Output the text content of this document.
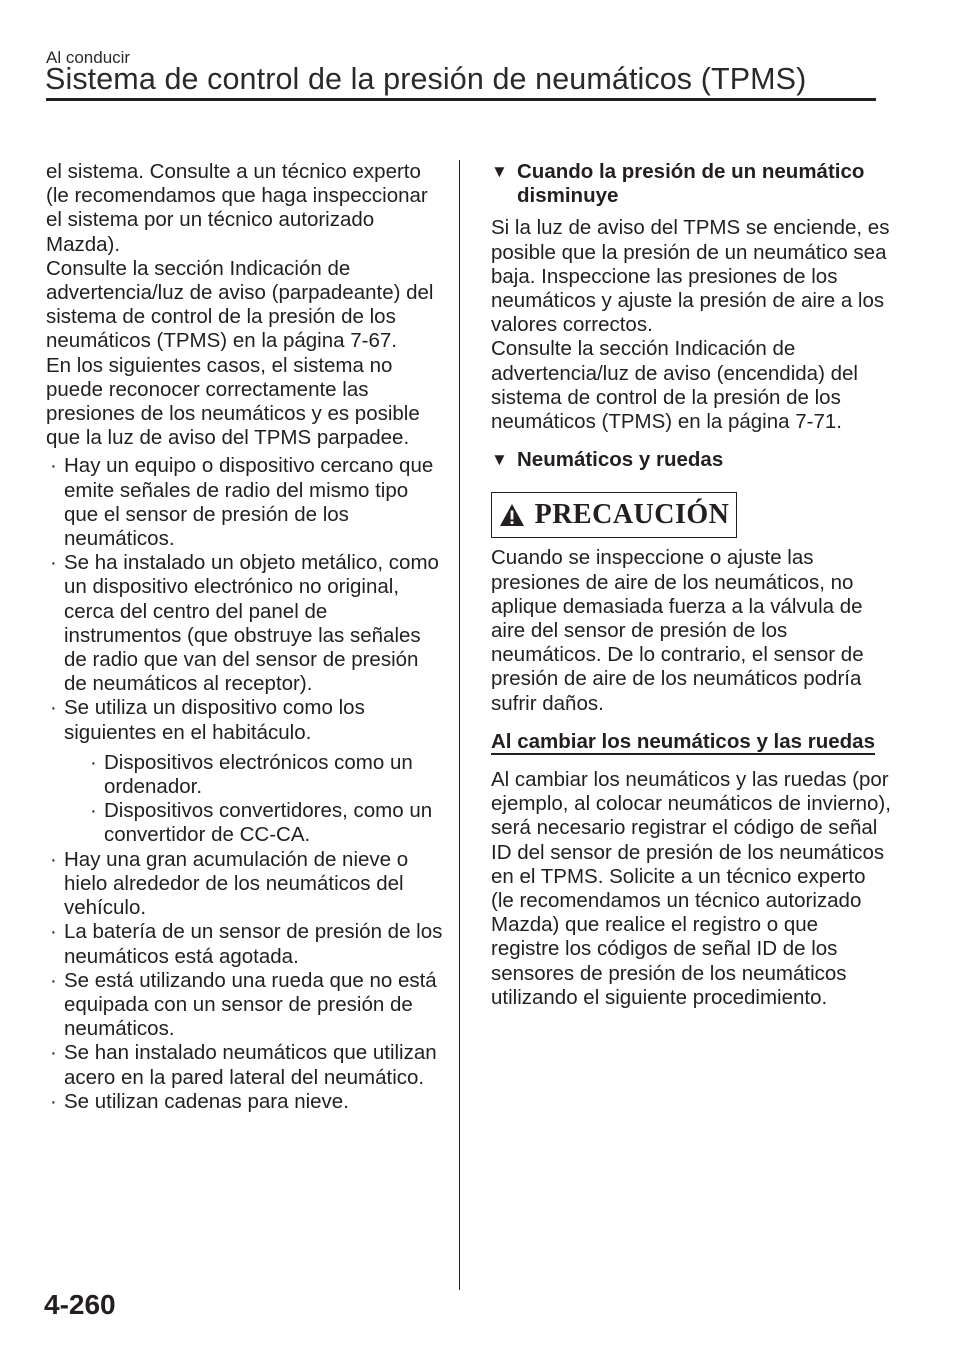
Al conducir
Sistema de control de la presión de neumáticos (TPMS)

el sistema. Consulte a un técnico experto (le recomendamos que haga inspeccionar el sistema por un técnico autorizado Mazda).

Consulte la sección Indicación de advertencia/luz de aviso (parpadeante) del sistema de control de la presión de los neumáticos (TPMS) en la página 7-67.

En los siguientes casos, el sistema no puede reconocer correctamente las presiones de los neumáticos y es posible que la luz de aviso del TPMS parpadee.

· Hay un equipo o dispositivo cercano que emite señales de radio del mismo tipo que el sensor de presión de los neumáticos.
· Se ha instalado un objeto metálico, como un dispositivo electrónico no original, cerca del centro del panel de instrumentos (que obstruye las señales de radio que van del sensor de presión de neumáticos al receptor).
· Se utiliza un dispositivo como los siguientes en el habitáculo.
· Dispositivos electrónicos como un ordenador.
· Dispositivos convertidores, como un convertidor de CC-CA.
· Hay una gran acumulación de nieve o hielo alrededor de los neumáticos del vehículo.
· La batería de un sensor de presión de los neumáticos está agotada.
· Se está utilizando una rueda que no está equipada con un sensor de presión de neumáticos.
· Se han instalado neumáticos que utilizan acero en la pared lateral del neumático.
· Se utilizan cadenas para nieve.
▼ Cuando la presión de un neumático disminuye

Si la luz de aviso del TPMS se enciende, es posible que la presión de un neumático sea baja. Inspeccione las presiones de los neumáticos y ajuste la presión de aire a los valores correctos.

Consulte la sección Indicación de advertencia/luz de aviso (encendida) del sistema de control de la presión de los neumáticos (TPMS) en la página 7-71.

▼ Neumáticos y ruedas
PRECAUCIÓN

Cuando se inspeccione o ajuste las presiones de aire de los neumáticos, no aplique demasiada fuerza a la válvula de aire del sensor de presión de los neumáticos. De lo contrario, el sensor de presión de aire de los neumáticos podría sufrir daños.

Al cambiar los neumáticos y las ruedas

Al cambiar los neumáticos y las ruedas (por ejemplo, al colocar neumáticos de invierno), será necesario registrar el código de señal ID del sensor de presión de los neumáticos en el TPMS. Solicite a un técnico experto (le recomendamos un técnico autorizado Mazda) que realice el registro o que registre los códigos de señal ID de los sensores de presión de los neumáticos utilizando el siguiente procedimiento.

4-260
